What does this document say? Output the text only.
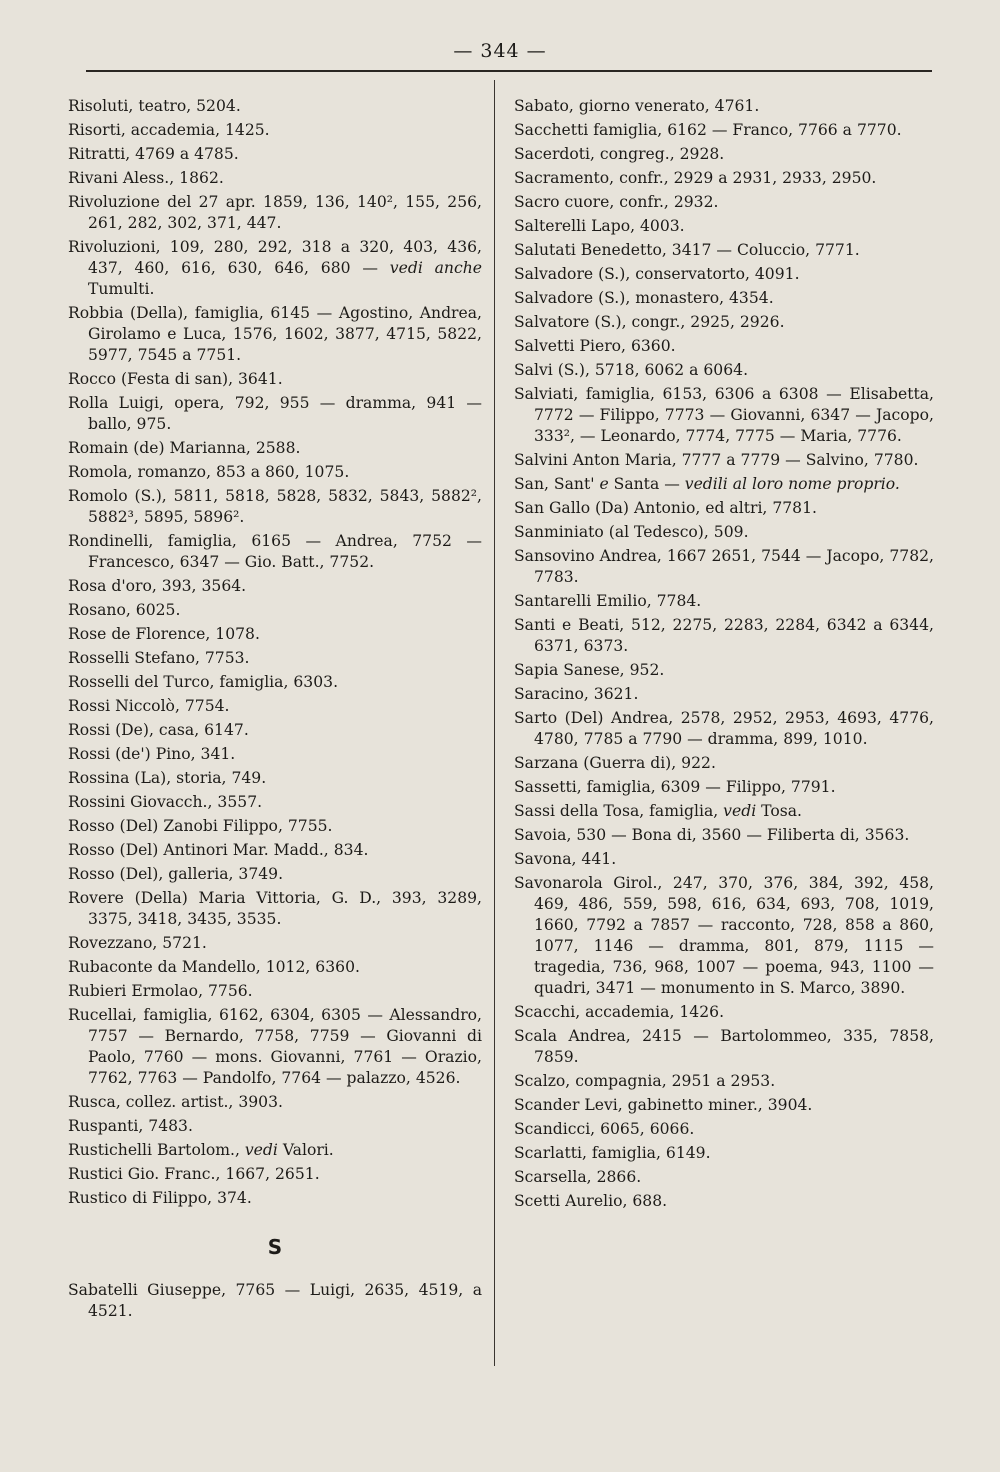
— 344 —
Risoluti, teatro, 5204.
Risorti, accademia, 1425.
Ritratti, 4769 a 4785.
Rivani Aless., 1862.
Rivoluzione del 27 apr. 1859, 136, 140², 155, 256, 261, 282, 302, 371, 447.
Rivoluzioni, 109, 280, 292, 318 a 320, 403, 436, 437, 460, 616, 630, 646, 680 — vedi anche Tumulti.
Robbia (Della), famiglia, 6145 — Agostino, Andrea, Girolamo e Luca, 1576, 1602, 3877, 4715, 5822, 5977, 7545 a 7751.
Rocco (Festa di san), 3641.
Rolla Luigi, opera, 792, 955 — dramma, 941 — ballo, 975.
Romain (de) Marianna, 2588.
Romola, romanzo, 853 a 860, 1075.
Romolo (S.), 5811, 5818, 5828, 5832, 5843, 5882², 5882³, 5895, 5896².
Rondinelli, famiglia, 6165 — Andrea, 7752 — Francesco, 6347 — Gio. Batt., 7752.
Rosa d'oro, 393, 3564.
Rosano, 6025.
Rose de Florence, 1078.
Rosselli Stefano, 7753.
Rosselli del Turco, famiglia, 6303.
Rossi Niccolò, 7754.
Rossi (De), casa, 6147.
Rossi (de') Pino, 341.
Rossina (La), storia, 749.
Rossini Giovacch., 3557.
Rosso (Del) Zanobi Filippo, 7755.
Rosso (Del) Antinori Mar. Madd., 834.
Rosso (Del), galleria, 3749.
Rovere (Della) Maria Vittoria, G. D., 393, 3289, 3375, 3418, 3435, 3535.
Rovezzano, 5721.
Rubaconte da Mandello, 1012, 6360.
Rubieri Ermolao, 7756.
Rucellai, famiglia, 6162, 6304, 6305 — Alessandro, 7757 — Bernardo, 7758, 7759 — Giovanni di Paolo, 7760 — mons. Giovanni, 7761 — Orazio, 7762, 7763 — Pandolfo, 7764 — palazzo, 4526.
Rusca, collez. artist., 3903.
Ruspanti, 7483.
Rustichelli Bartolom., vedi Valori.
Rustici Gio. Franc., 1667, 2651.
Rustico di Filippo, 374.
S
Sabatelli Giuseppe, 7765 — Luigi, 2635, 4519, a 4521.
Sabato, giorno venerato, 4761.
Sacchetti famiglia, 6162 — Franco, 7766 a 7770.
Sacerdoti, congreg., 2928.
Sacramento, confr., 2929 a 2931, 2933, 2950.
Sacro cuore, confr., 2932.
Salterelli Lapo, 4003.
Salutati Benedetto, 3417 — Coluccio, 7771.
Salvadore (S.), conservatorto, 4091.
Salvadore (S.), monastero, 4354.
Salvatore (S.), congr., 2925, 2926.
Salvetti Piero, 6360.
Salvi (S.), 5718, 6062 a 6064.
Salviati, famiglia, 6153, 6306 a 6308 — Elisabetta, 7772 — Filippo, 7773 — Giovanni, 6347 — Jacopo, 333², — Leonardo, 7774, 7775 — Maria, 7776.
Salvini Anton Maria, 7777 a 7779 — Salvino, 7780.
San, Sant' e Santa — vedili al loro nome proprio.
San Gallo (Da) Antonio, ed altri, 7781.
Sanminiato (al Tedesco), 509.
Sansovino Andrea, 1667 2651, 7544 — Jacopo, 7782, 7783.
Santarelli Emilio, 7784.
Santi e Beati, 512, 2275, 2283, 2284, 6342 a 6344, 6371, 6373.
Sapia Sanese, 952.
Saracino, 3621.
Sarto (Del) Andrea, 2578, 2952, 2953, 4693, 4776, 4780, 7785 a 7790 — dramma, 899, 1010.
Sarzana (Guerra di), 922.
Sassetti, famiglia, 6309 — Filippo, 7791.
Sassi della Tosa, famiglia, vedi Tosa.
Savoia, 530 — Bona di, 3560 — Filiberta di, 3563.
Savona, 441.
Savonarola Girol., 247, 370, 376, 384, 392, 458, 469, 486, 559, 598, 616, 634, 693, 708, 1019, 1660, 7792 a 7857 — racconto, 728, 858 a 860, 1077, 1146 — dramma, 801, 879, 1115 — tragedia, 736, 968, 1007 — poema, 943, 1100 — quadri, 3471 — monumento in S. Marco, 3890.
Scacchi, accademia, 1426.
Scala Andrea, 2415 — Bartolommeo, 335, 7858, 7859.
Scalzo, compagnia, 2951 a 2953.
Scander Levi, gabinetto miner., 3904.
Scandicci, 6065, 6066.
Scarlatti, famiglia, 6149.
Scarsella, 2866.
Scetti Aurelio, 688.
